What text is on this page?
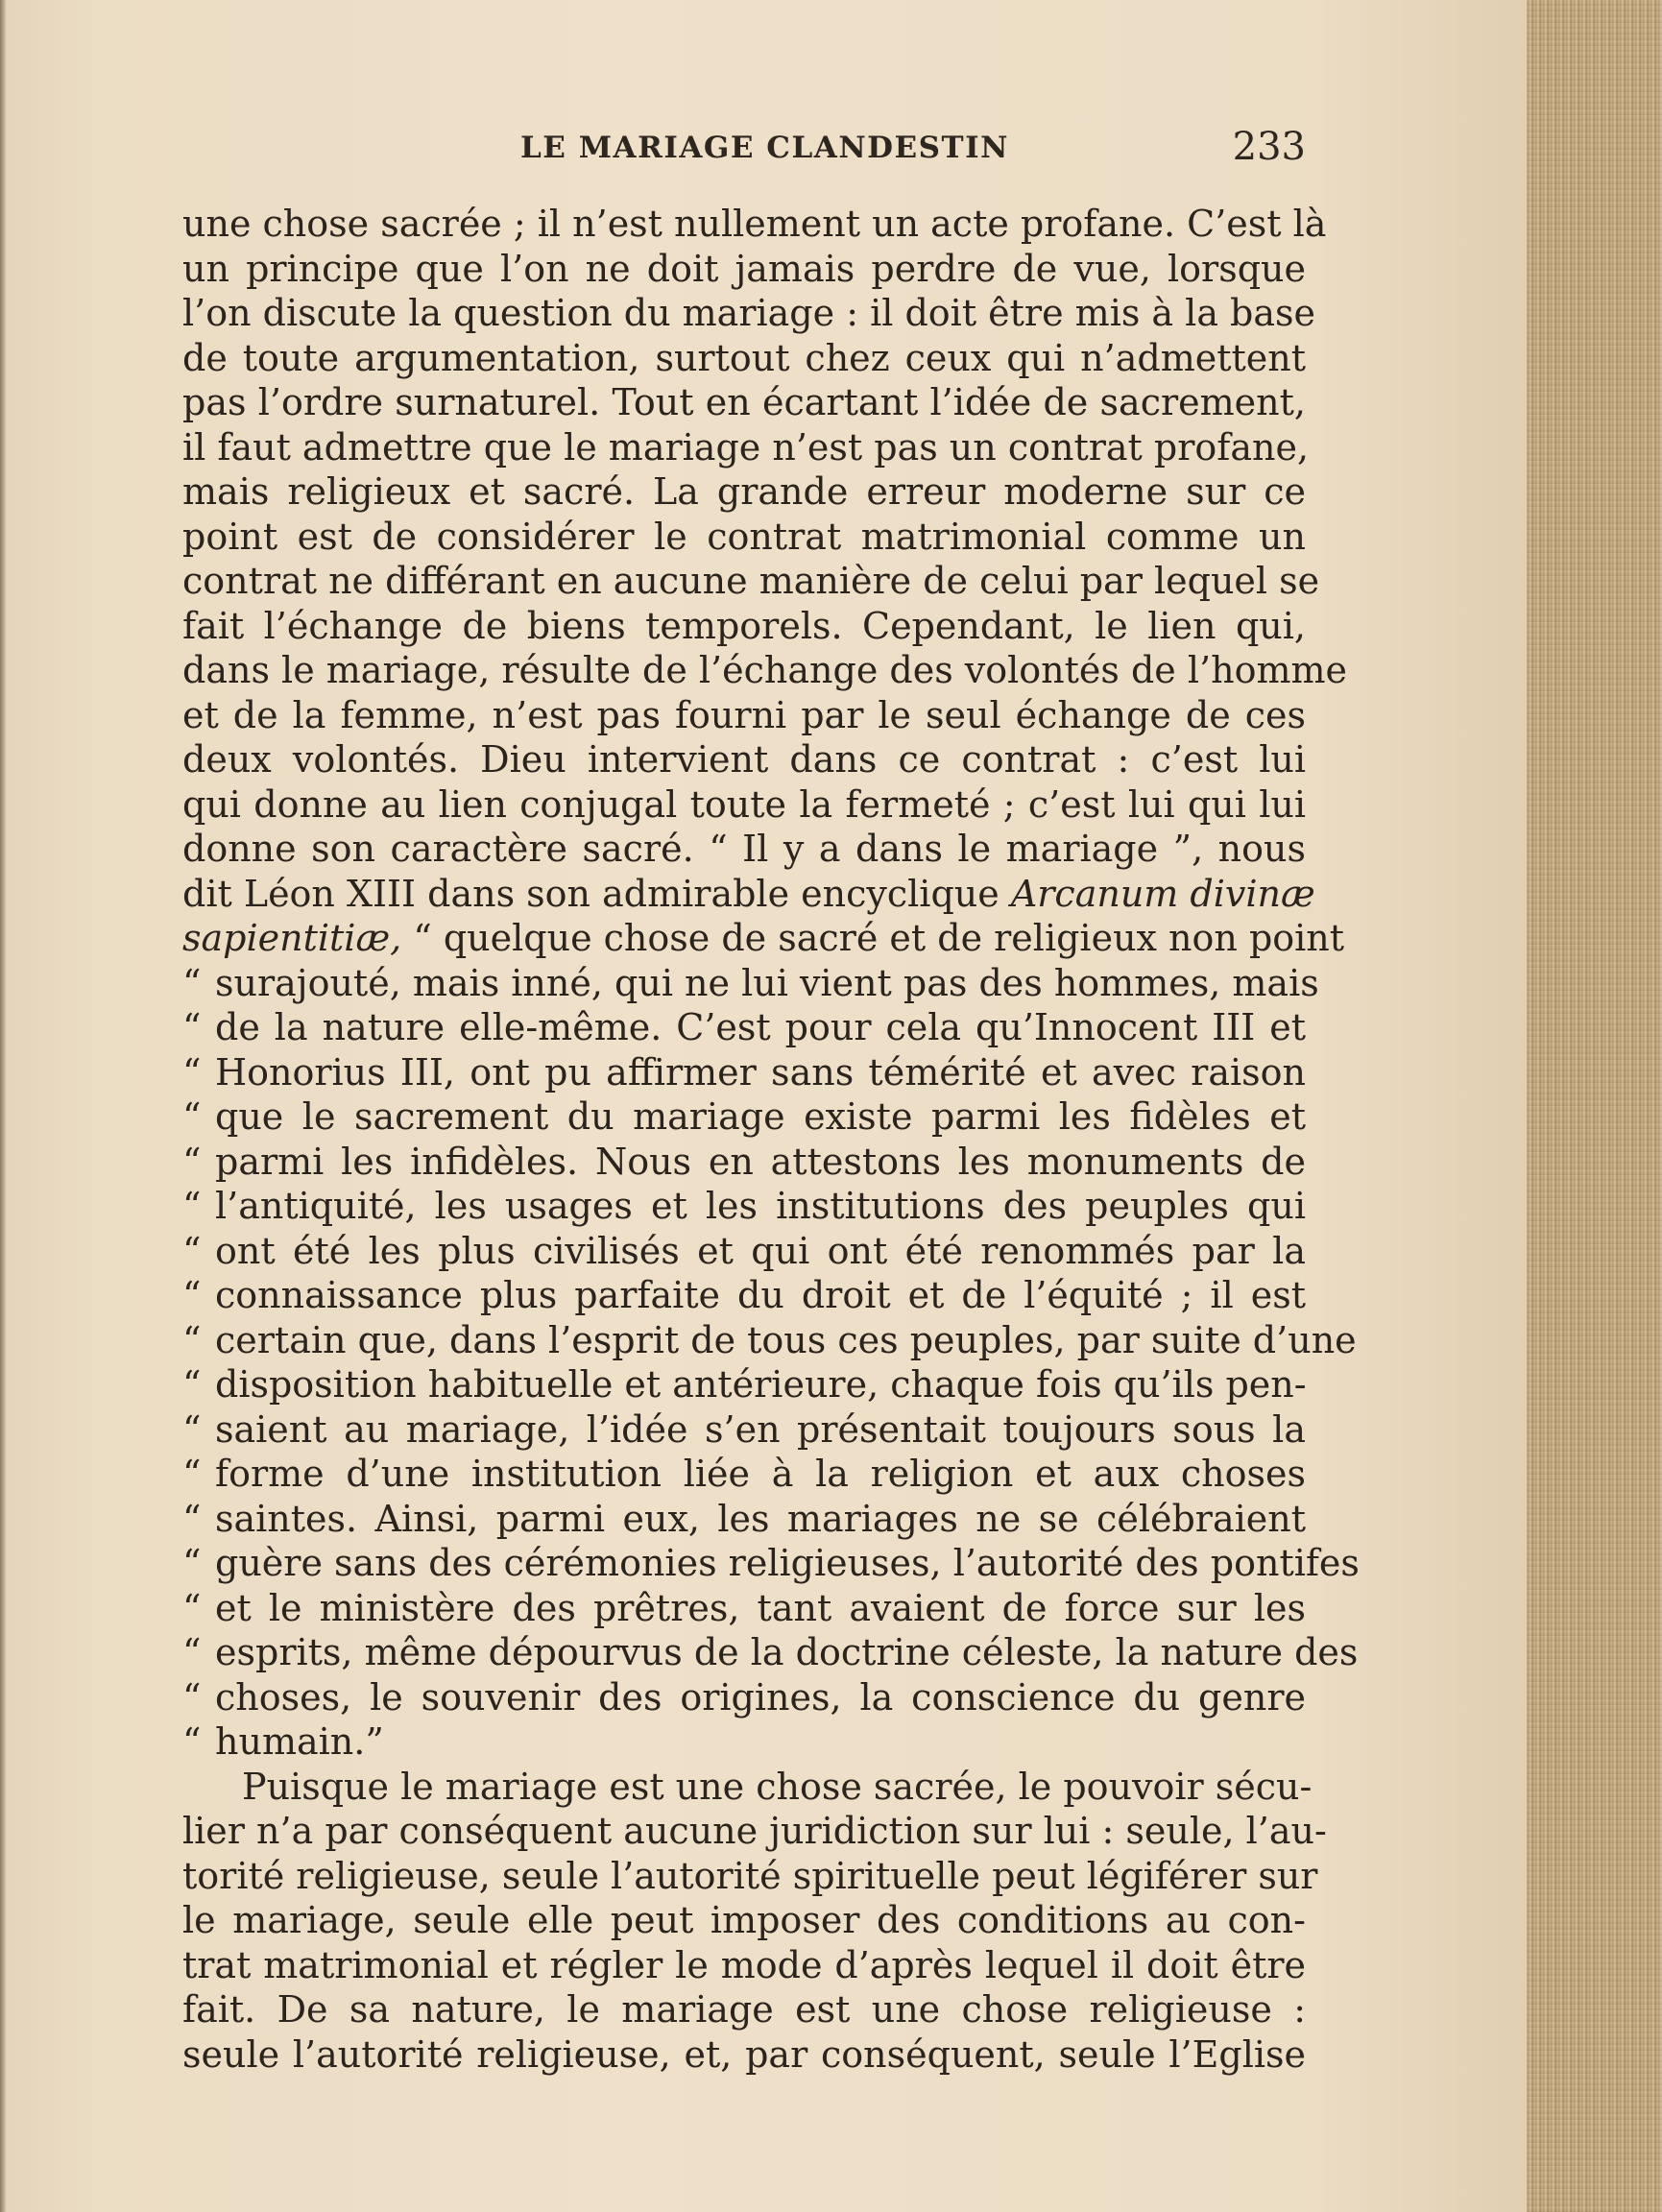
LE MARIAGE CLANDESTIN	233
une chose sacrée ; il n’est nullement un acte profane. C’est là
un principe que l’on ne doit jamais perdre de vue, lorsque
l’on discute la question du mariage : il doit être mis à la base
de toute argumentation, surtout chez ceux qui n’admettent
pas l’ordre surnaturel. Tout en écartant l’idée de sacrement,
il faut admettre que le mariage n’est pas un contrat profane,
mais religieux et sacré. La grande erreur moderne sur ce
point est de considérer le contrat matrimonial comme un
contrat ne différant en aucune manière de celui par lequel se
fait l’échange de biens temporels. Cependant, le lien qui,
dans le mariage, résulte de l’échange des volontés de l’homme
et de la femme, n’est pas fourni par le seul échange de ces
deux volontés. Dieu intervient dans ce contrat : c’est lui
qui donne au lien conjugal toute la fermeté ; c’est lui qui lui
donne son caractère sacré. “ Il y a dans le mariage ”, nous
dit Léon XIII dans son admirable encyclique Arcanum divinæ
sapientitiæ, “ quelque chose de sacré et de religieux non point
“ surajouté, mais inné, qui ne lui vient pas des hommes, mais
“ de la nature elle-même. C’est pour cela qu’Innocent III et
“ Honorius III, ont pu affirmer sans témérité et avec raison
“ que le sacrement du mariage existe parmi les fidèles et
“ parmi les infidèles. Nous en attestons les monuments de
“ l’antiquité, les usages et les institutions des peuples qui
“ ont été les plus civilisés et qui ont été renommés par la
“ connaissance plus parfaite du droit et de l’équité ; il est
“ certain que, dans l’esprit de tous ces peuples, par suite d’une
“ disposition habituelle et antérieure, chaque fois qu’ils pen-
“ saient au mariage, l’idée s’en présentait toujours sous la
“ forme d’une institution liée à la religion et aux choses
“ saintes. Ainsi, parmi eux, les mariages ne se célébraient
“ guère sans des cérémonies religieuses, l’autorité des pontifes
“ et le ministère des prêtres, tant avaient de force sur les
“ esprits, même dépourvus de la doctrine céleste, la nature des
“ choses, le souvenir des origines, la conscience du genre
“ humain.”
Puisque le mariage est une chose sacrée, le pouvoir sécu-
lier n’a par conséquent aucune juridiction sur lui : seule, l’au-
torité religieuse, seule l’autorité spirituelle peut légiférer sur
le mariage, seule elle peut imposer des conditions au con-
trat matrimonial et régler le mode d’après lequel il doit être
fait. De sa nature, le mariage est une chose religieuse :
seule l’autorité religieuse, et, par conséquent, seule l’Eglise
